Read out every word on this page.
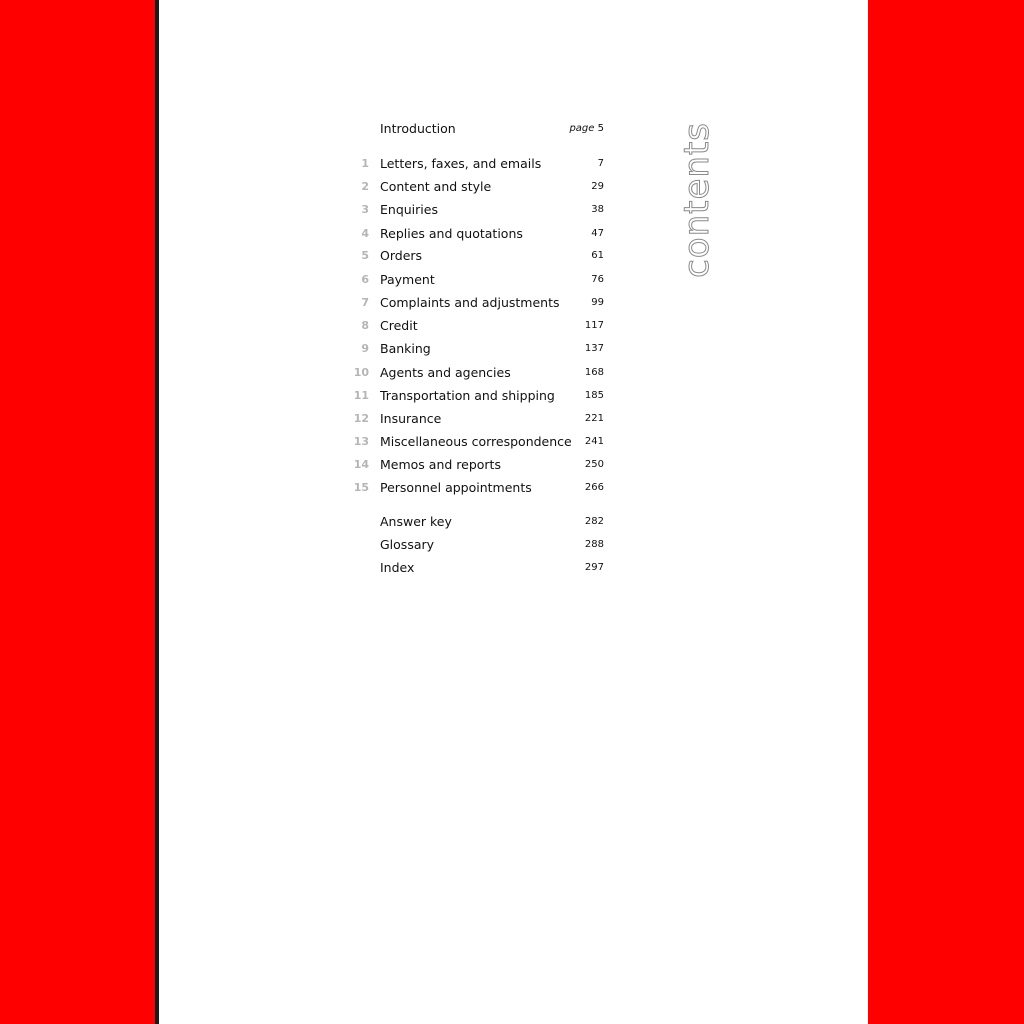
Introduction	page 5
1 Letters, faxes, and emails	7
2 Content and style	29
3 Enquiries	38
4 Replies and quotations	47
5 Orders	61
6 Payment	76
7 Complaints and adjustments	99
8 Credit	117
9 Banking	137
10 Agents and agencies	168
11 Transportation and shipping	185
12 Insurance	221
13 Miscellaneous correspondence 241
14 Memos and reports	250
15 Personnel appointments	266
Answer key	282
Glossary	288
Index	297
contents
